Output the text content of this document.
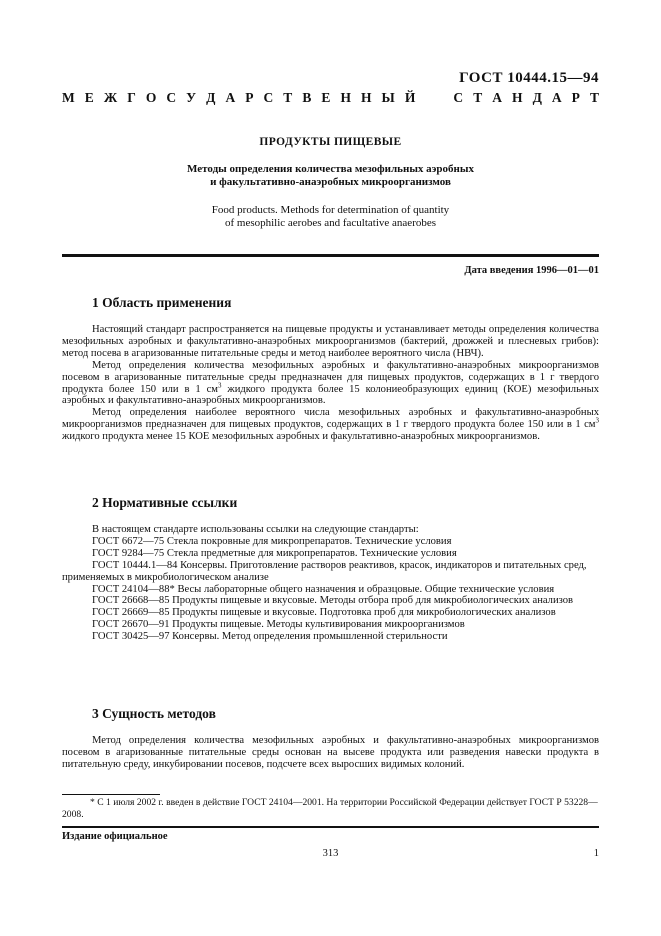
ГОСТ 10444.15—94
М Е Ж Г О С У Д А Р С Т В Е Н Н Ы Й	С Т А Н Д А Р Т
ПРОДУКТЫ ПИЩЕВЫЕ
Методы определения количества мезофильных аэробных
и факультативно-анаэробных микроорганизмов
Food products. Methods for determination of quantity
of mesophilic aerobes and facultative anaerobes
Дата введения 1996—01—01
1 Область применения

Настоящий стандарт распространяется на пищевые продукты и устанавливает методы определения количества мезофильных аэробных и факультативно-анаэробных микроорганизмов (бактерий, дрожжей и плесневых грибов): метод посева в агаризованные питательные среды и метод наиболее вероятного числа (НВЧ).

Метод определения количества мезофильных аэробных и факультативно-анаэробных микроорганизмов посевом в агаризованные питательные среды предназначен для пищевых продуктов, содержащих в 1 г твердого продукта более 150 или в 1 $см^3$ жидкого продукта более 15 колониеобразующих единиц (КОЕ) мезофильных аэробных и факультативно-анаэробных микроорганизмов.

Метод определения наиболее вероятного числа мезофильных аэробных и факультативно-анаэробных микроорганизмов предназначен для пищевых продуктов, содержащих в 1 г твердого продукта более 150 или в 1 $см^3$ жидкого продукта менее 15 КОЕ мезофильных аэробных и факультативно-анаэробных микроорганизмов.

2 Нормативные ссылки
В настоящем стандарте использованы ссылки на следующие стандарты:
ГОСТ 6672—75 Стекла покровные для микропрепаратов. Технические условия
ГОСТ 9284—75 Стекла предметные для микропрепаратов. Технические условия
ГОСТ 10444.1—84 Консервы. Приготовление растворов реактивов, красок, индикаторов и питательных сред, применяемых в микробиологическом анализе
ГОСТ 24104—88* Весы лабораторные общего назначения и образцовые. Общие технические условия
ГОСТ 26668—85 Продукты пищевые и вкусовые. Методы отбора проб для микробиологических анализов
ГОСТ 26669—85 Продукты пищевые и вкусовые. Подготовка проб для микробиологических анализов
ГОСТ 26670—91 Продукты пищевые. Методы культивирования микроорганизмов
ГОСТ 30425—97 Консервы. Метод определения промышленной стерильности
3 Сущность методов

Метод определения количества мезофильных аэробных и факультативно-анаэробных микроорганизмов посевом в агаризованные питательные среды основан на высеве продукта или разведения навески продукта в питательную среду, инкубировании посевов, подсчете всех выросших видимых колоний.

* С 1 июля 2002 г. введен в действие ГОСТ 24104—2001. На территории Российской Федерации действует ГОСТ Р 53228—2008.
Издание официальное
313	1
